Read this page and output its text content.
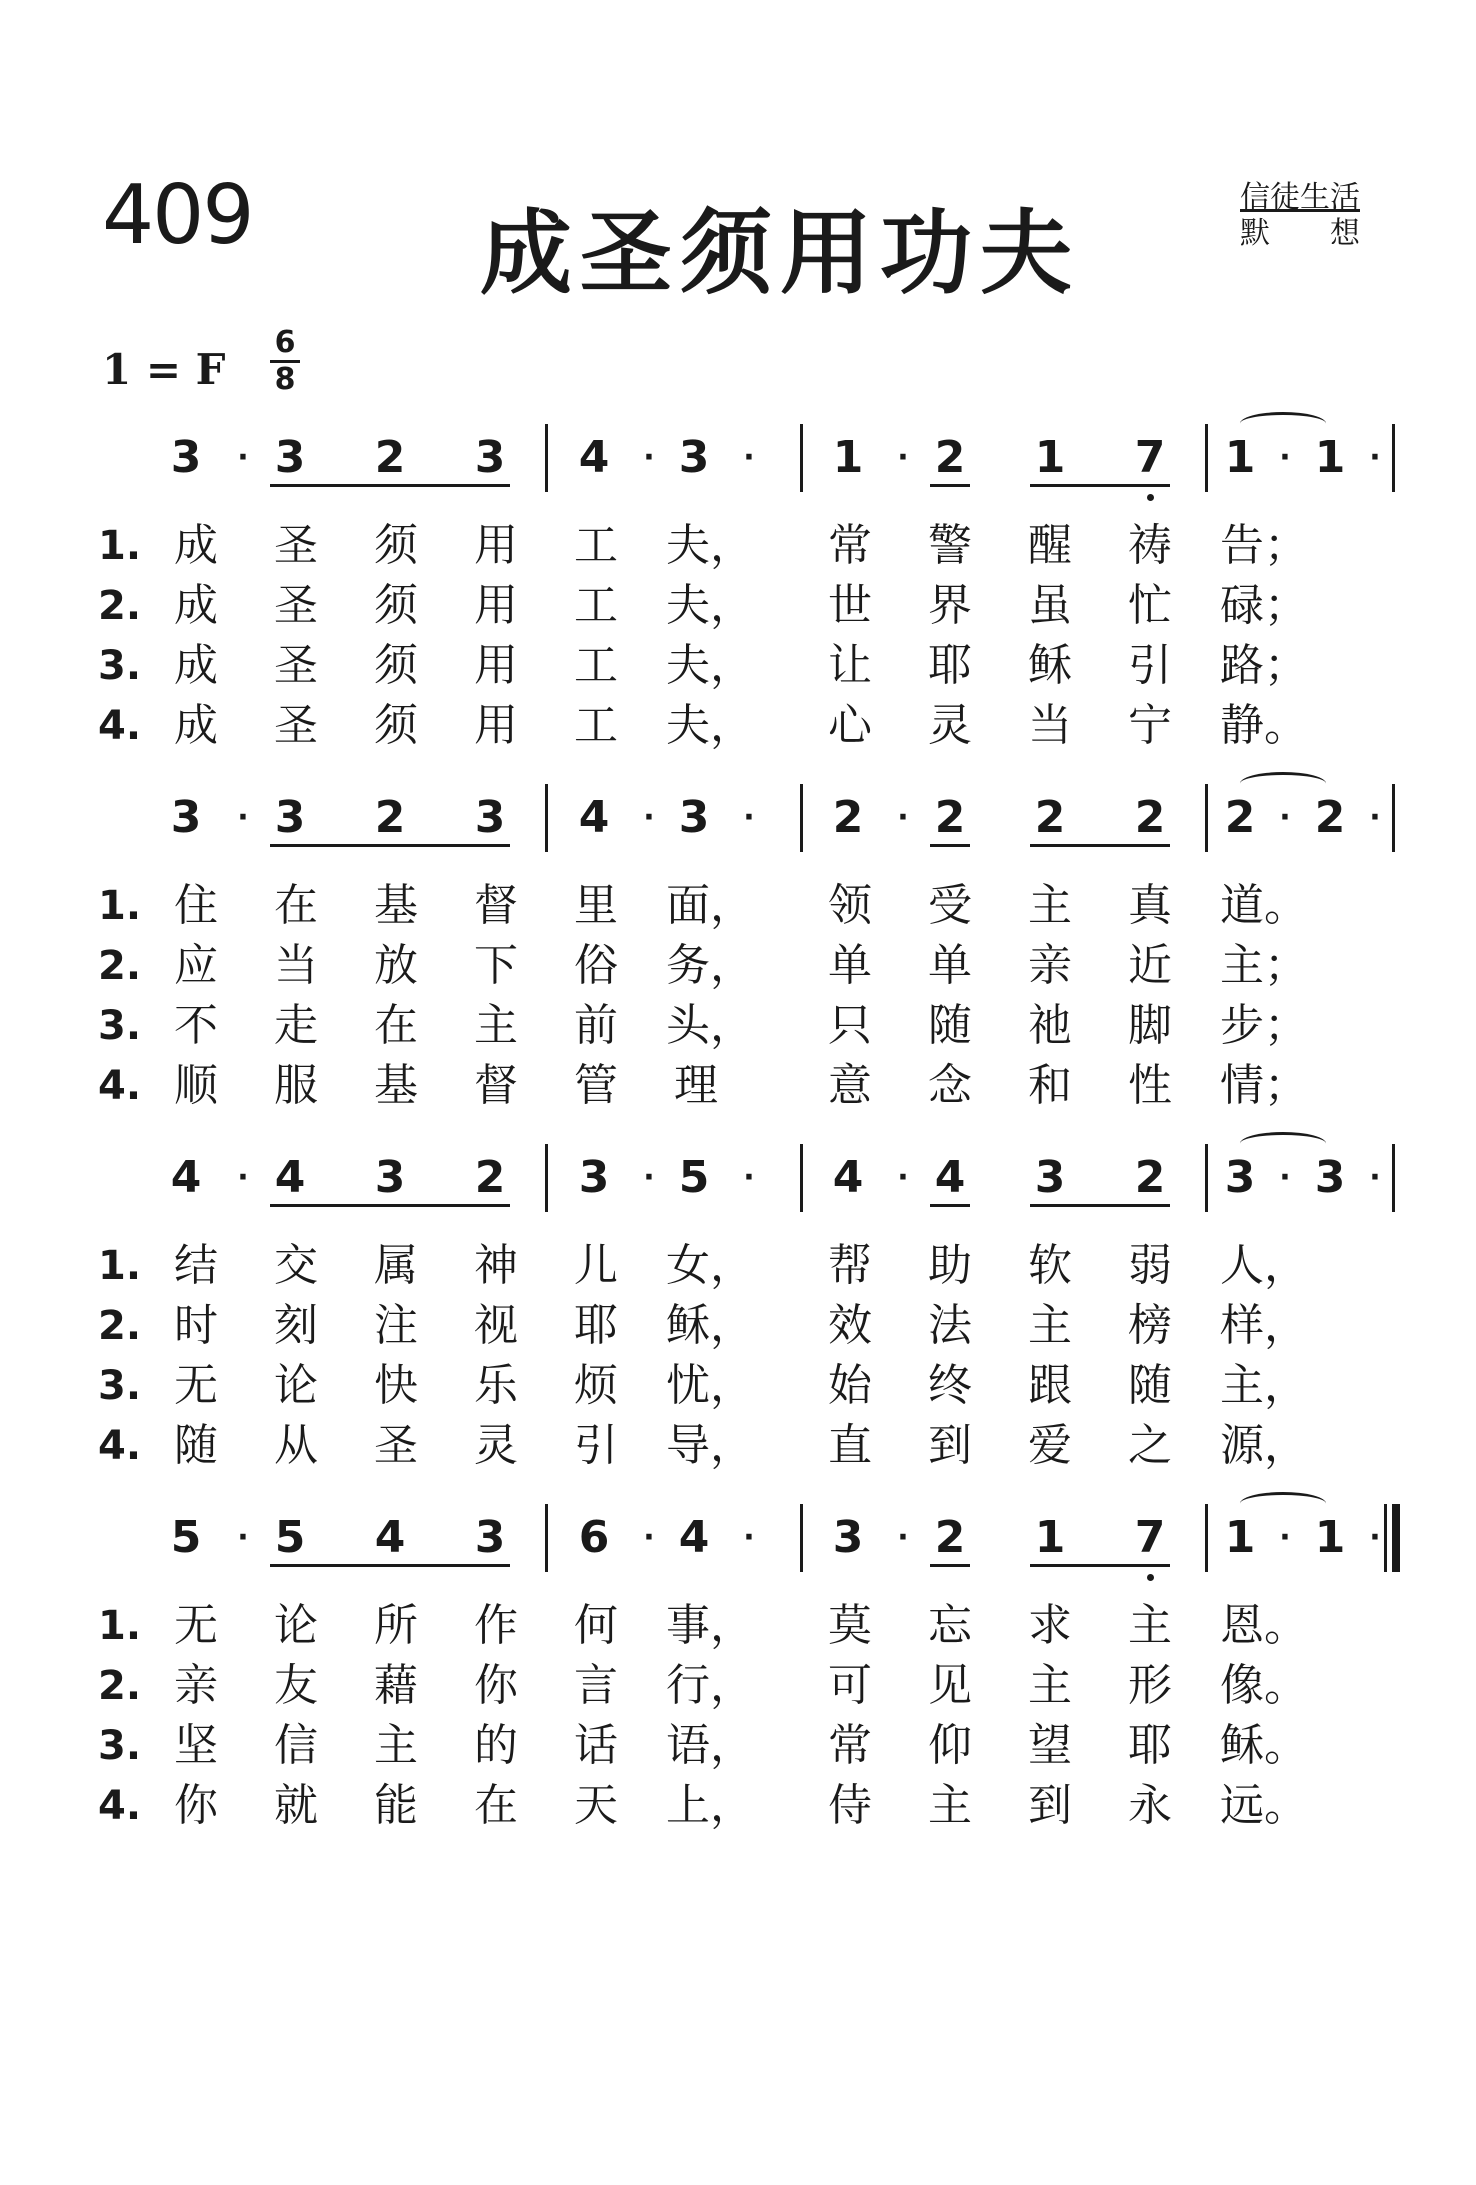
409 成圣须用功夫
信徒生活
默　　想
1 = F
6
8
3 3 2 3
·	4 3
·	· 1 2 1 7
·	1 1
·	·
1. 成 圣 须 用 工 夫， 常 警 醒 祷 告；
2. 成 圣 须 用 工 夫， 世 界 虽 忙 碌；
3. 成 圣 须 用 工 夫， 让 耶 稣 引 路；
4. 成 圣 须 用 工 夫， 心 灵 当 宁 静。
3 3 2 3
·	4 3
·	· 2 2 2 2
·	2 2
·	·
1. 住 在 基 督 里 面， 领 受 主 真 道。
2. 应 当 放 下 俗 务， 单 单 亲 近 主；
3. 不 走 在 主 前 头， 只 随 祂 脚 步；
4. 顺 服 基 督 管 理	意 念 和 性 情；
4 4 3 2
·	3 5
·	· 4 4 3 2
·	3 3
·	·
1. 结 交 属 神 儿 女， 帮 助 软 弱 人，
2. 时 刻 注 视 耶 稣， 效 法 主 榜 样，
3. 无 论 快 乐 烦 忧， 始 终 跟 随 主，
4. 随 从 圣 灵 引 导， 直 到 爱 之 源，
5 5 4 3
·	6 4
·	· 3 2 1 7
·	1 1
·	·
1. 无 论 所 作 何 事， 莫 忘 求 主 恩。
2. 亲 友 藉 你 言 行， 可 见 主 形 像。
3. 坚 信 主 的 话 语， 常 仰 望 耶 稣。
4. 你 就 能 在 天 上， 侍 主 到 永 远。
